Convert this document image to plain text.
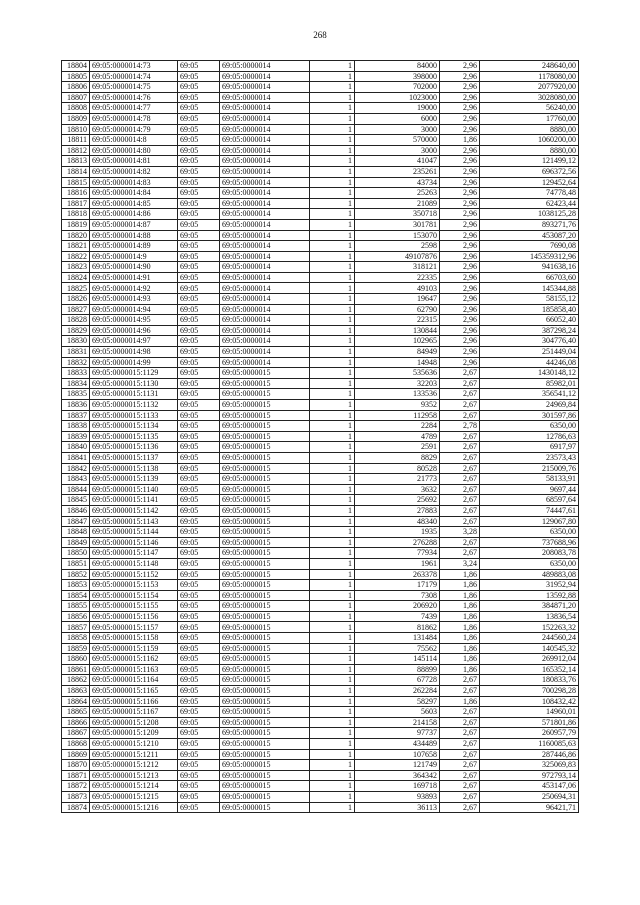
268
18804	69:05:0000014:73	69:05	69:05:0000014	1	84000	2,96	248640,00
18805	69:05:0000014:74	69:05	69:05:0000014	1	398000	2,96	1178080,00
18806	69:05:0000014:75	69:05	69:05:0000014	1	702000	2,96	2077920,00
18807	69:05:0000014:76	69:05	69:05:0000014	1	1023000	2,96	3028080,00
18808	69:05:0000014:77	69:05	69:05:0000014	1	19000	2,96	56240,00
18809	69:05:0000014:78	69:05	69:05:0000014	1	6000	2,96	17760,00
18810	69:05:0000014:79	69:05	69:05:0000014	1	3000	2,96	8880,00
18811	69:05:0000014:8	69:05	69:05:0000014	1	570000	1,86	1060200,00
18812	69:05:0000014:80	69:05	69:05:0000014	1	3000	2,96	8880,00
18813	69:05:0000014:81	69:05	69:05:0000014	1	41047	2,96	121499,12
18814	69:05:0000014:82	69:05	69:05:0000014	1	235261	2,96	696372,56
18815	69:05:0000014:83	69:05	69:05:0000014	1	43734	2,96	129452,64
18816	69:05:0000014:84	69:05	69:05:0000014	1	25263	2,96	74778,48
18817	69:05:0000014:85	69:05	69:05:0000014	1	21089	2,96	62423,44
18818	69:05:0000014:86	69:05	69:05:0000014	1	350718	2,96	1038125,28
18819	69:05:0000014:87	69:05	69:05:0000014	1	301781	2,96	893271,76
18820	69:05:0000014:88	69:05	69:05:0000014	1	153070	2,96	453087,20
18821	69:05:0000014:89	69:05	69:05:0000014	1	2598	2,96	7690,08
18822	69:05:0000014:9	69:05	69:05:0000014	1	49107876	2,96	145359312,96
18823	69:05:0000014:90	69:05	69:05:0000014	1	318121	2,96	941638,16
18824	69:05:0000014:91	69:05	69:05:0000014	1	22335	2,96	66703,60
18825	69:05:0000014:92	69:05	69:05:0000014	1	49103	2,96	145344,88
18826	69:05:0000014:93	69:05	69:05:0000014	1	19647	2,96	58155,12
18827	69:05:0000014:94	69:05	69:05:0000014	1	62790	2,96	185858,40
18828	69:05:0000014:95	69:05	69:05:0000014	1	22315	2,96	66052,40
18829	69:05:0000014:96	69:05	69:05:0000014	1	130844	2,96	387298,24
18830	69:05:0000014:97	69:05	69:05:0000014	1	102965	2,96	304776,40
18831	69:05:0000014:98	69:05	69:05:0000014	1	84949	2,96	251449,04
18832	69:05:0000014:99	69:05	69:05:0000014	1	14948	2,96	44246,08
18833	69:05:0000015:1129	69:05	69:05:0000015	1	535636	2,67	1430148,12
18834	69:05:0000015:1130	69:05	69:05:0000015	1	32203	2,67	85982,01
18835	69:05:0000015:1131	69:05	69:05:0000015	1	133536	2,67	356541,12
18836	69:05:0000015:1132	69:05	69:05:0000015	1	9352	2,67	24969,84
18837	69:05:0000015:1133	69:05	69:05:0000015	1	112958	2,67	301597,86
18838	69:05:0000015:1134	69:05	69:05:0000015	1	2284	2,78	6350,00
18839	69:05:0000015:1135	69:05	69:05:0000015	1	4789	2,67	12786,63
18840	69:05:0000015:1136	69:05	69:05:0000015	1	2591	2,67	6917,97
18841	69:05:0000015:1137	69:05	69:05:0000015	1	8829	2,67	23573,43
18842	69:05:0000015:1138	69:05	69:05:0000015	1	80528	2,67	215009,76
18843	69:05:0000015:1139	69:05	69:05:0000015	1	21773	2,67	58133,91
18844	69:05:0000015:1140	69:05	69:05:0000015	1	3632	2,67	9697,44
18845	69:05:0000015:1141	69:05	69:05:0000015	1	25692	2,67	68597,64
18846	69:05:0000015:1142	69:05	69:05:0000015	1	27883	2,67	74447,61
18847	69:05:0000015:1143	69:05	69:05:0000015	1	48340	2,67	129067,80
18848	69:05:0000015:1144	69:05	69:05:0000015	1	1935	3,28	6350,00
18849	69:05:0000015:1146	69:05	69:05:0000015	1	276288	2,67	737688,96
18850	69:05:0000015:1147	69:05	69:05:0000015	1	77934	2,67	208083,78
18851	69:05:0000015:1148	69:05	69:05:0000015	1	1961	3,24	6350,00
18852	69:05:0000015:1152	69:05	69:05:0000015	1	263378	1,86	489883,08
18853	69:05:0000015:1153	69:05	69:05:0000015	1	17179	1,86	31952,94
18854	69:05:0000015:1154	69:05	69:05:0000015	1	7308	1,86	13592,88
18855	69:05:0000015:1155	69:05	69:05:0000015	1	206920	1,86	384871,20
18856	69:05:0000015:1156	69:05	69:05:0000015	1	7439	1,86	13836,54
18857	69:05:0000015:1157	69:05	69:05:0000015	1	81862	1,86	152263,32
18858	69:05:0000015:1158	69:05	69:05:0000015	1	131484	1,86	244560,24
18859	69:05:0000015:1159	69:05	69:05:0000015	1	75562	1,86	140545,32
18860	69:05:0000015:1162	69:05	69:05:0000015	1	145114	1,86	269912,04
18861	69:05:0000015:1163	69:05	69:05:0000015	1	88899	1,86	165352,14
18862	69:05:0000015:1164	69:05	69:05:0000015	1	67728	2,67	180833,76
18863	69:05:0000015:1165	69:05	69:05:0000015	1	262284	2,67	700298,28
18864	69:05:0000015:1166	69:05	69:05:0000015	1	58297	1,86	108432,42
18865	69:05:0000015:1167	69:05	69:05:0000015	1	5603	2,67	14960,01
18866	69:05:0000015:1208	69:05	69:05:0000015	1	214158	2,67	571801,86
18867	69:05:0000015:1209	69:05	69:05:0000015	1	97737	2,67	260957,79
18868	69:05:0000015:1210	69:05	69:05:0000015	1	434489	2,67	1160085,63
18869	69:05:0000015:1211	69:05	69:05:0000015	1	107658	2,67	287446,86
18870	69:05:0000015:1212	69:05	69:05:0000015	1	121749	2,67	325069,83
18871	69:05:0000015:1213	69:05	69:05:0000015	1	364342	2,67	972793,14
18872	69:05:0000015:1214	69:05	69:05:0000015	1	169718	2,67	453147,06
18873	69:05:0000015:1215	69:05	69:05:0000015	1	93893	2,67	250694,31
18874	69:05:0000015:1216	69:05	69:05:0000015	1	36113	2,67	96421,71
